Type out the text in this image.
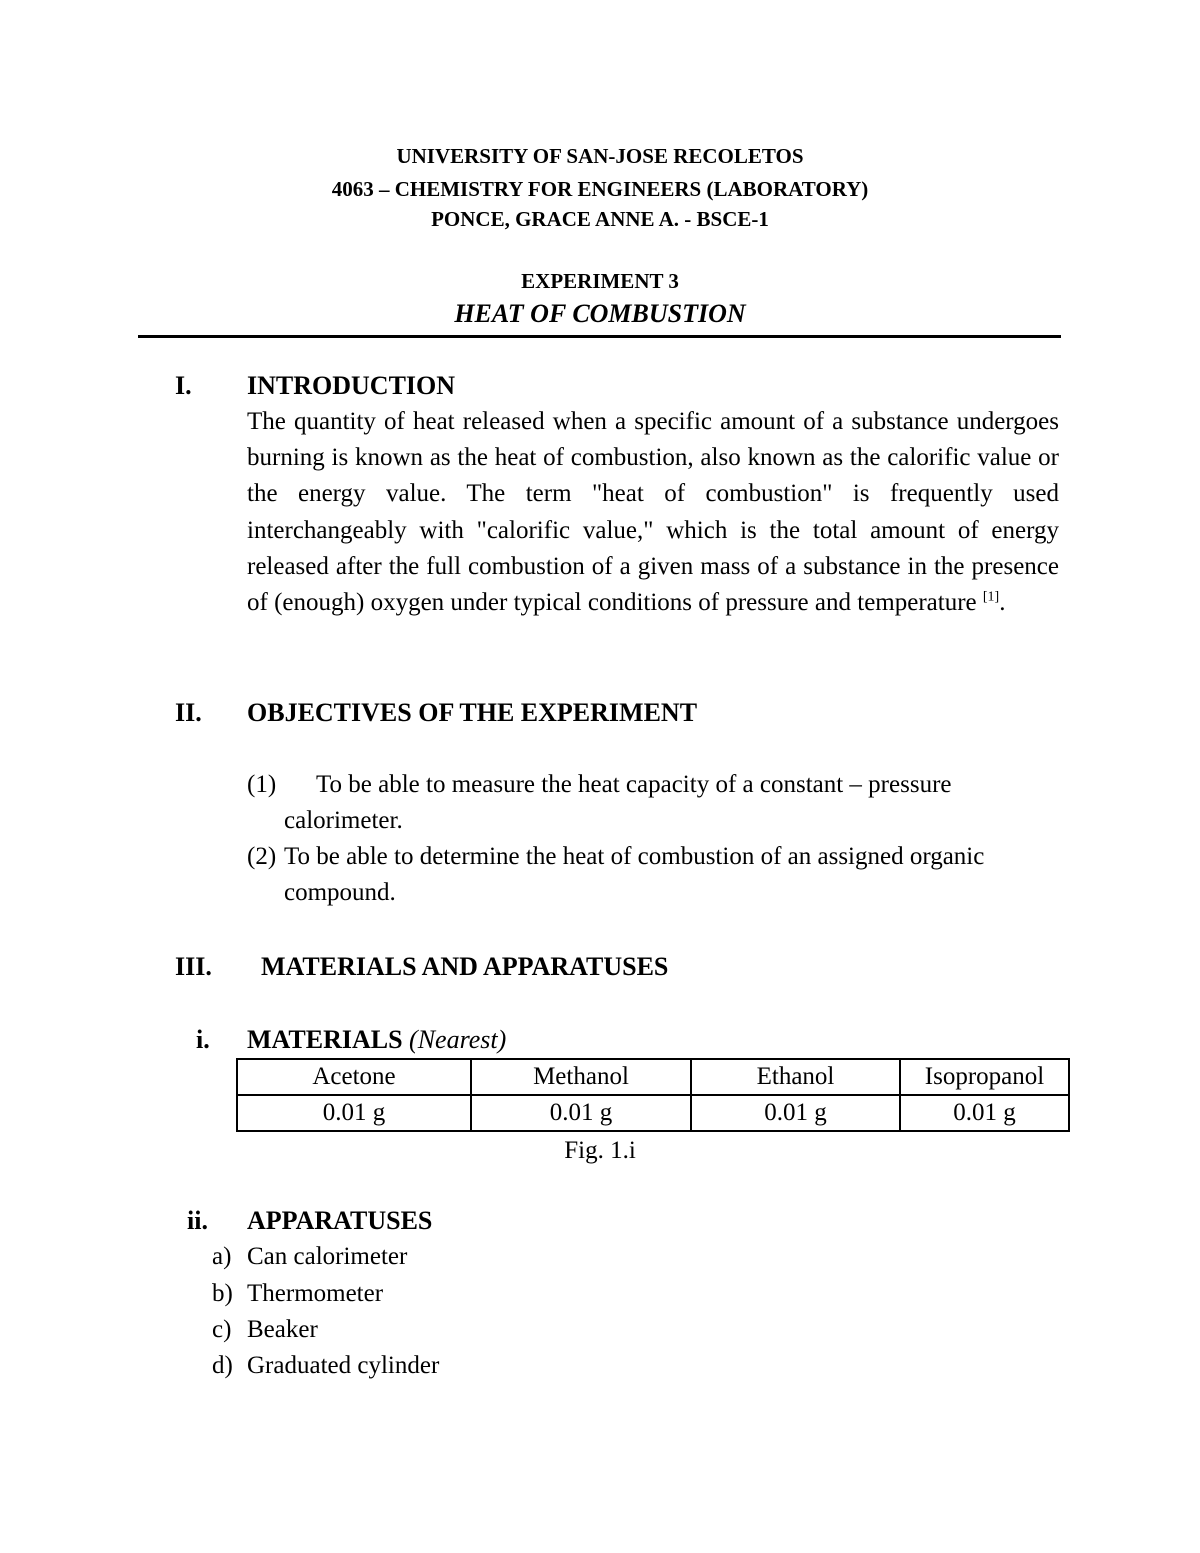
UNIVERSITY OF SAN-JOSE RECOLETOS
4063 – CHEMISTRY FOR ENGINEERS (LABORATORY)
PONCE, GRACE ANNE A. - BSCE-1
EXPERIMENT 3
HEAT OF COMBUSTION
I. INTRODUCTION
The quantity of heat released when a specific amount of a substance undergoes burning is known as the heat of combustion, also known as the calorific value or the energy value. The term "heat of combustion" is frequently used interchangeably with "calorific value," which is the total amount of energy released after the full combustion of a given mass of a substance in the presence of (enough) oxygen under typical conditions of pressure and temperature [1].
II. OBJECTIVES OF THE EXPERIMENT
(1) To be able to measure the heat capacity of a constant – pressure
calorimeter.
(2) To be able to determine the heat of combustion of an assigned organic
compound.
III. MATERIALS AND APPARATUSES
i. MATERIALS (Nearest)
Acetone	Methanol	Ethanol	Isopropanol
0.01 g	0.01 g	0.01 g	0.01 g
Fig. 1.i
ii. APPARATUSES
a) Can calorimeter
b) Thermometer
c) Beaker
d) Graduated cylinder
